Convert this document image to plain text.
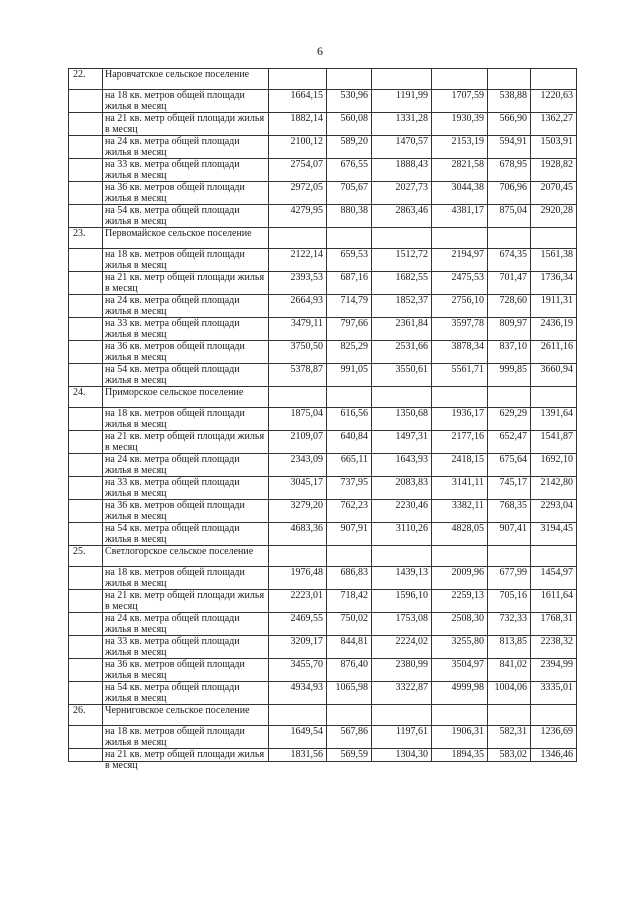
6
22.	Наровчатское сельское поселение						
	на 18 кв. метров общей площади жилья в месяц	1664,15	530,96	1191,99	1707,59	538,88	1220,63
	на 21 кв. метр общей площади жилья в месяц	1882,14	560,08	1331,28	1930,39	566,90	1362,27
	на 24 кв. метра общей площади жилья в месяц	2100,12	589,20	1470,57	2153,19	594,91	1503,91
	на 33 кв. метра общей площади жилья в месяц	2754,07	676,55	1888,43	2821,58	678,95	1928,82
	на 36 кв. метров общей площади жилья в месяц	2972,05	705,67	2027,73	3044,38	706,96	2070,45
	на 54 кв. метра общей площади жилья в месяц	4279,95	880,38	2863,46	4381,17	875,04	2920,28
23.	Первомайское сельское поселение						
	на 18 кв. метров общей площади жилья в месяц	2122,14	659,53	1512,72	2194,97	674,35	1561,38
	на 21 кв. метр общей площади жилья в месяц	2393,53	687,16	1682,55	2475,53	701,47	1736,34
	на 24 кв. метра общей площади жилья в месяц	2664,93	714,79	1852,37	2756,10	728,60	1911,31
	на 33 кв. метра общей площади жилья в месяц	3479,11	797,66	2361,84	3597,78	809,97	2436,19
	на 36 кв. метров общей площади жилья в месяц	3750,50	825,29	2531,66	3878,34	837,10	2611,16
	на 54 кв. метра общей площади жилья в месяц	5378,87	991,05	3550,61	5561,71	999,85	3660,94
24.	Приморское сельское поселение						
	на 18 кв. метров общей площади жилья в месяц	1875,04	616,56	1350,68	1936,17	629,29	1391,64
	на 21 кв. метр общей площади жилья в месяц	2109,07	640,84	1497,31	2177,16	652,47	1541,87
	на 24 кв. метра общей площади жилья в месяц	2343,09	665,11	1643,93	2418,15	675,64	1692,10
	на 33 кв. метра общей площади жилья в месяц	3045,17	737,95	2083,83	3141,11	745,17	2142,80
	на 36 кв. метров общей площади жилья в месяц	3279,20	762,23	2230,46	3382,11	768,35	2293,04
	на 54 кв. метра общей площади жилья в месяц	4683,36	907,91	3110,26	4828,05	907,41	3194,45
25.	Светлогорское сельское поселение						
	на 18 кв. метров общей площади жилья в месяц	1976,48	686,83	1439,13	2009,96	677,99	1454,97
	на 21 кв. метр общей площади жилья в месяц	2223,01	718,42	1596,10	2259,13	705,16	1611,64
	на 24 кв. метра общей площади жилья в месяц	2469,55	750,02	1753,08	2508,30	732,33	1768,31
	на 33 кв. метра общей площади жилья в месяц	3209,17	844,81	2224,02	3255,80	813,85	2238,32
	на 36 кв. метров общей площади жилья в месяц	3455,70	876,40	2380,99	3504,97	841,02	2394,99
	на 54 кв. метра общей площади жилья в месяц	4934,93	1065,98	3322,87	4999,98	1004,06	3335,01
26.	Черниговское сельское поселение						
	на 18 кв. метров общей площади жилья в месяц	1649,54	567,86	1197,61	1906,31	582,31	1236,69

	на 21 кв. метр общей площади жилья в месяц	1831,56	569,59	1304,30	1894,35	583,02	1346,46
